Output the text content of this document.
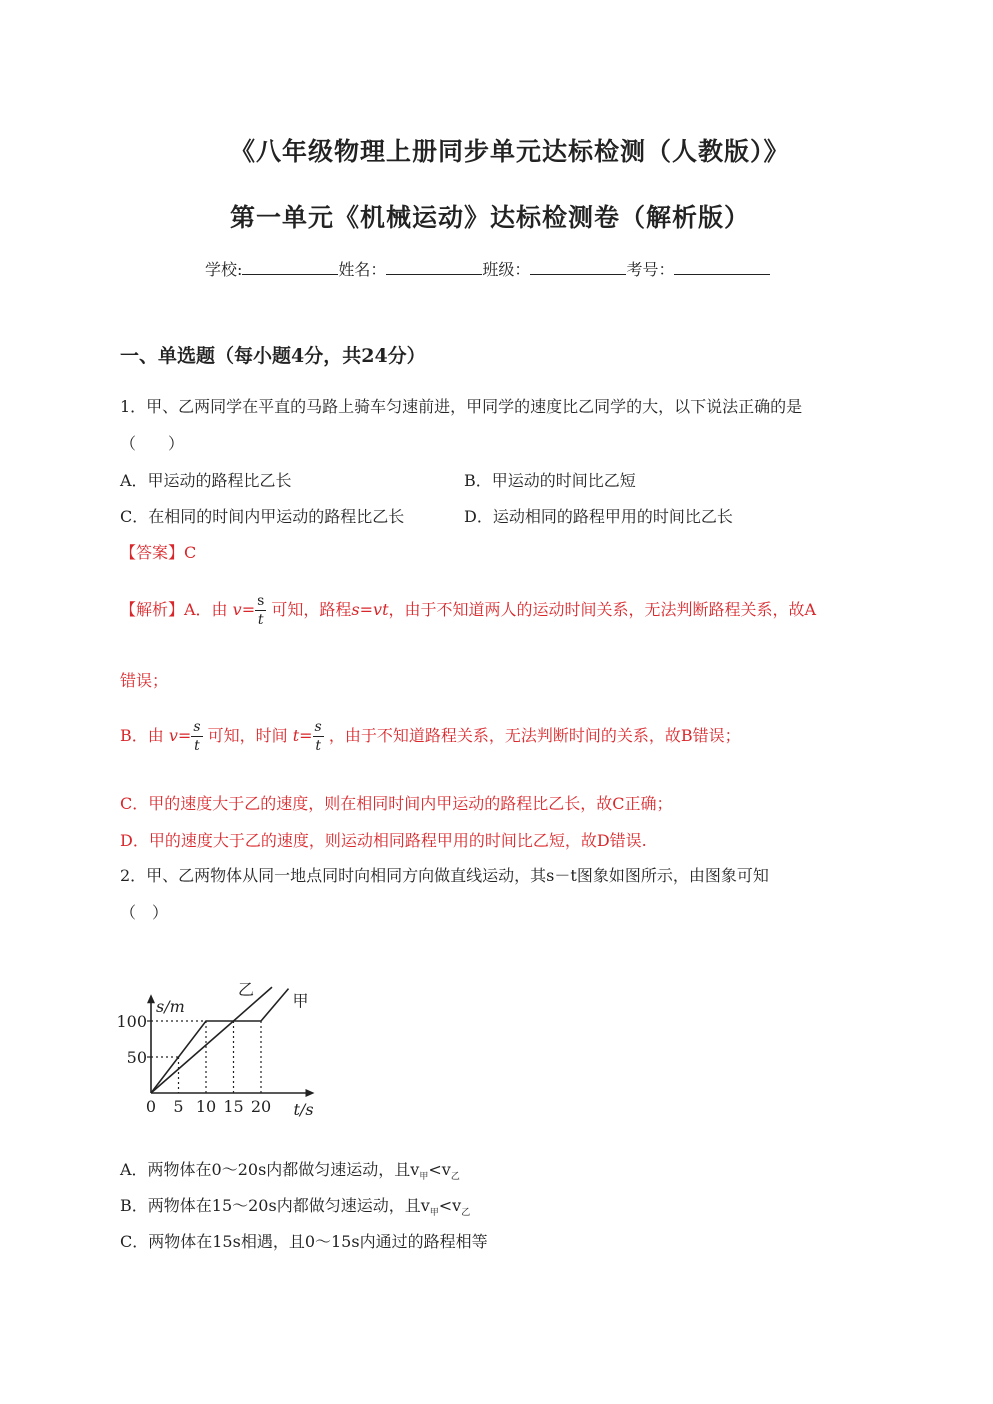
《八年级物理上册同步单元达标检测（人教版）》
第一单元《机械运动》达标检测卷（解析版）
学校:	姓名：	班级：	考号：
一、单选题（每小题4分，共24分）
1．甲、乙两同学在平直的马路上骑车匀速前进，甲同学的速度比乙同学的大，以下说法正确的是
（　　）
A．甲运动的路程比乙长	B．甲运动的时间比乙短
C．在相同的时间内甲运动的路程比乙长	D．运动相同的路程甲用的时间比乙长
【答案】C
【解析】A．由 $v= \frac{s}{t}$ 可知，路程s=vt，由于不知道两人的运动时间关系，无法判断路程关系，故A
错误；
B．由 $v= \frac{s}{t}$ 可知，时间 $t= \frac{s}{t}$ ，由于不知道路程关系，无法判断时间的关系，故B错误；
C．甲的速度大于乙的速度，则在相同时间内甲运动的路程比乙长，故C正确；
D．甲的速度大于乙的速度，则运动相同路程甲用的时间比乙短，故D错误.
2．甲、乙两物体从同一地点同时向相同方向做直线运动，其s－t图象如图所示，由图象可知
（　）
s/m
t/s
0 5 10 15 20
50
100
甲
乙
A．两物体在0～20s内都做匀速运动，且$v_甲<v_乙$
B．两物体在15～20s内都做匀速运动，且$v_甲<v_乙$
C．两物体在15s相遇，且0～15s内通过的路程相等
